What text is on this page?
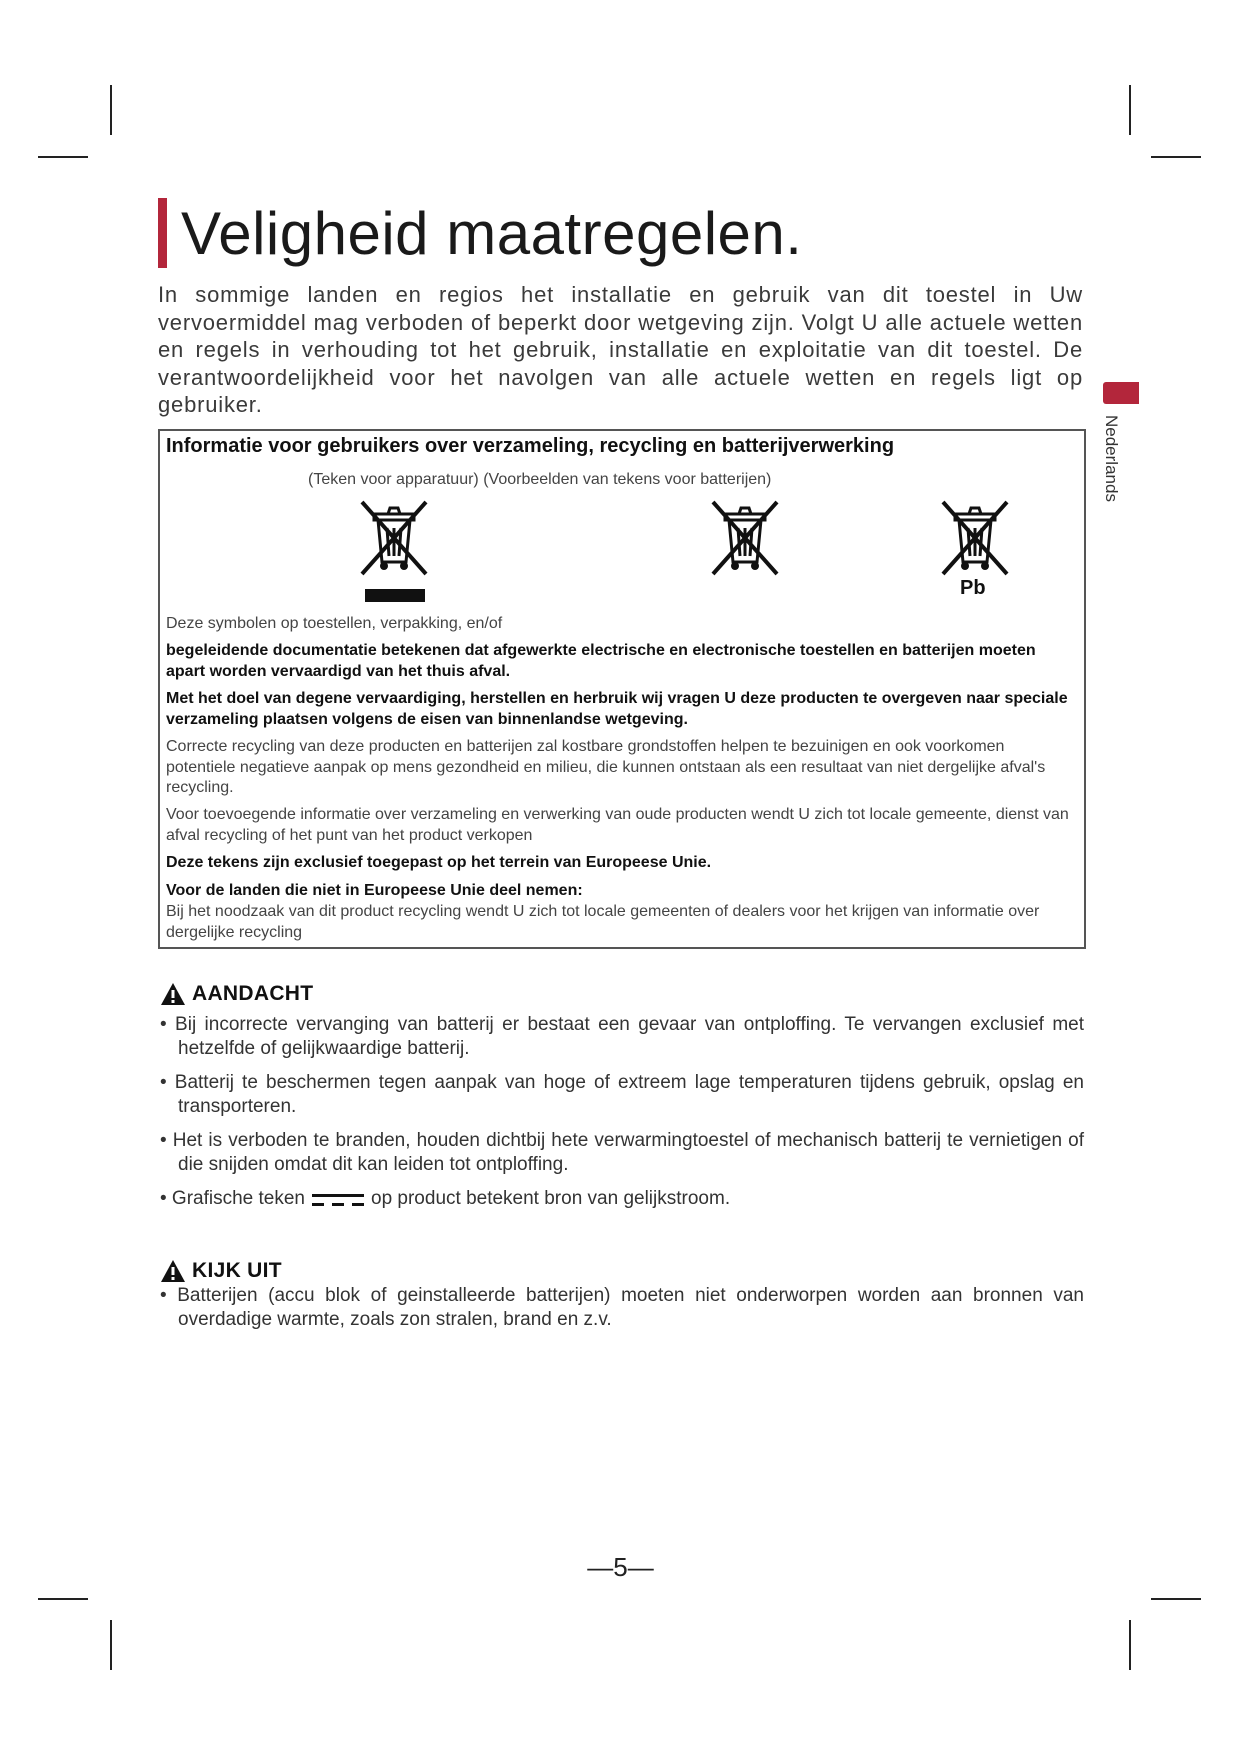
Veligheid maatregelen.

In sommige landen en regios het installatie en gebruik van dit toestel in Uw vervoermiddel mag verboden of beperkt door wetgeving zijn. Volgt U alle actuele wetten en regels in verhouding tot het gebruik, installatie en exploitatie van dit toestel. De verantwoordelijkheid voor het navolgen van alle actuele wetten en regels ligt op gebruiker.

Nederlands
Informatie voor gebruikers over verzameling, recycling en batterijverwerking
(Teken voor apparatuur) (Voorbeelden van tekens voor batterijen)
Pb

Deze symbolen op toestellen, verpakking, en/of

begeleidende documentatie betekenen dat afgewerkte electrische en electronische toestellen en batterijen moeten apart worden vervaardigd van het thuis afval.

Met het doel van degene vervaardiging, herstellen en herbruik wij vragen U deze producten te overgeven naar speciale verzameling plaatsen volgens de eisen van binnenlandse wetgeving.

Correcte recycling van deze producten en batterijen zal kostbare grondstoffen helpen te bezuinigen en ook voorkomen potentiele negatieve aanpak op mens gezondheid en milieu, die kunnen ontstaan als een resultaat van niet dergelijke afval's recycling.

Voor toevoegende informatie over verzameling en verwerking van oude producten wendt U zich tot locale gemeente, dienst van afval recycling of het punt van het product verkopen

Deze tekens zijn exclusief toegepast op het terrein van Europeese Unie.

Voor de landen die niet in Europeese Unie deel nemen:

Bij het noodzaak van dit product recycling wendt U zich tot locale gemeenten of dealers voor het krijgen van informatie over dergelijke recycling

AANDACHT

• Bij incorrecte vervanging van batterij er bestaat een gevaar van ontploffing. Te vervangen exclusief met hetzelfde of gelijkwaardige batterij.

• Batterij te beschermen tegen aanpak van hoge of extreem lage temperaturen tijdens gebruik, opslag en transporteren.

• Het is verboden te branden, houden dichtbij hete verwarmingtoestel of mechanisch batterij te vernietigen of die snijden omdat dit kan leiden tot ontploffing.

• Grafische teken	op product betekent bron van gelijkstroom.

KIJK UIT

• Batterijen (accu blok of geinstalleerde batterijen) moeten niet onderworpen worden aan bronnen van overdadige warmte, zoals zon stralen, brand en z.v.

—5—
